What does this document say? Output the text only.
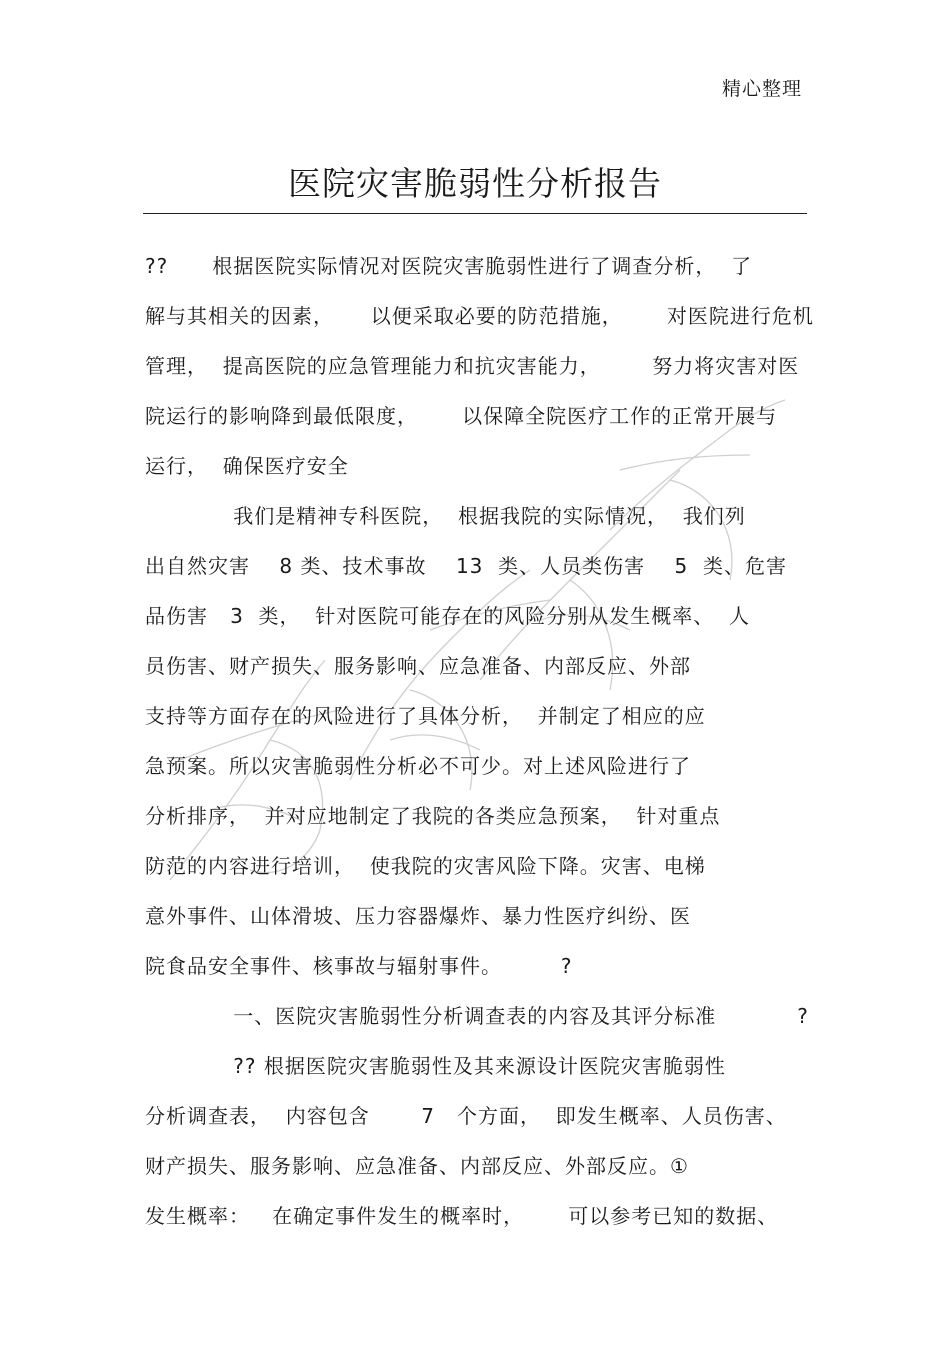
精心整理
医院灾害脆弱性分析报告
??      根据医院实际情况对医院灾害脆弱性进行了调查分析，  了
解与其相关的因素，     以便采取必要的防范措施，      对医院进行危机
管理，  提高医院的应急管理能力和抗灾害能力，       努力将灾害对医
院运行的影响降到最低限度，      以保障全院医疗工作的正常开展与
运行，  确保医疗安全
我们是精神专科医院，  根据我院的实际情况，  我们列
出自然灾害    8 类、技术事故    13  类、人员类伤害    5  类、危害
品伤害   3  类，  针对医院可能存在的风险分别从发生概率、  人
员伤害、财产损失、服务影响、应急准备、内部反应、外部
支持等方面存在的风险进行了具体分析，  并制定了相应的应
急预案。所以灾害脆弱性分析必不可少。对上述风险进行了
分析排序，  并对应地制定了我院的各类应急预案，  针对重点
防范的内容进行培训，  使我院的灾害风险下降。灾害、电梯
意外事件、山体滑坡、压力容器爆炸、暴力性医疗纠纷、医
院食品安全事件、核事故与辐射事件。        ?
一、医院灾害脆弱性分析调查表的内容及其评分标准           ?
?? 根据医院灾害脆弱性及其来源设计医院灾害脆弱性
分析调查表，  内容包含       7   个方面，  即发生概率、人员伤害、
财产损失、服务影响、应急准备、内部反应、外部反应。①
发生概率：   在确定事件发生的概率时，      可以参考已知的数据、
